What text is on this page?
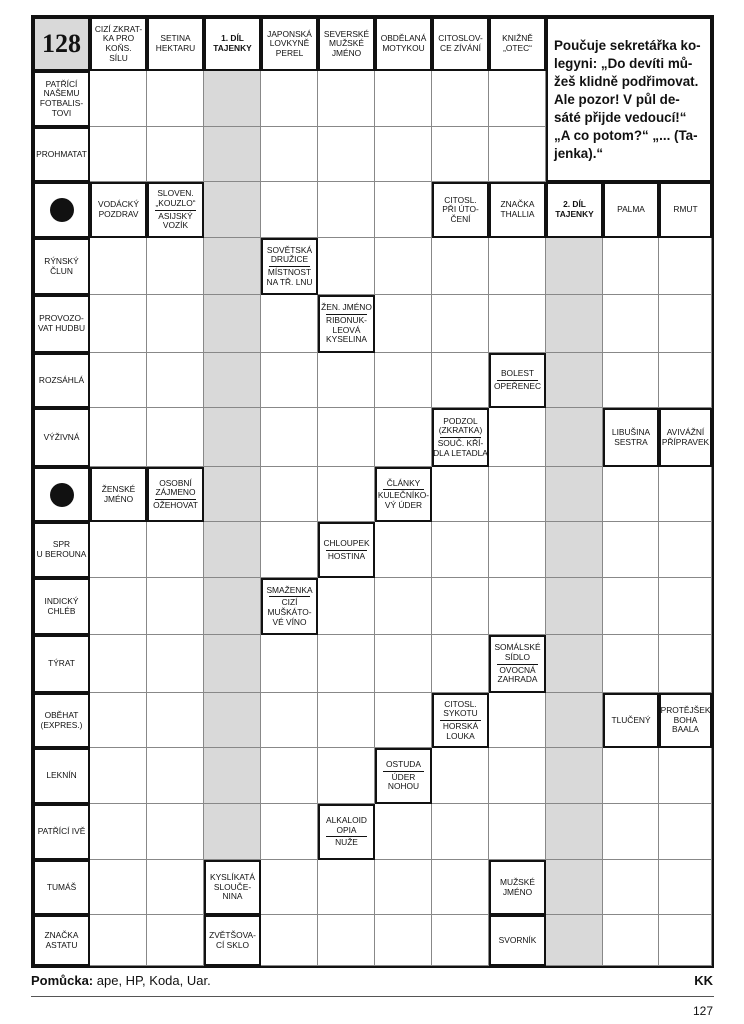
128
CIZÍ ZKRAT-
KA PRO
KOŇS.
SÍLU
SETINA
HEKTARU
1. DÍL
TAJENKY
JAPONSKÁ
LOVKYNĚ
PEREL
SEVERSKÉ
MUŽSKÉ
JMÉNO
OBDĚLANÁ
MOTYKOU
CITOSLOV-
CE ZÍVÁNÍ
KNIŽNĚ
„OTEC“
PATŘÍCÍ
NAŠEMU
FOTBALIS-
TOVI
PROHMATAT
VODÁCKÝ
POZDRAV
SLOVEN.
„KOUZLO“
ASIJSKÝ
VOZÍK
CITOSL.
PŘI ÚTO-
ČENÍ
ZNAČKA
THALLIA
2. DÍL
TAJENKY	PALMA	RMUT
RÝNSKÝ
ČLUN
SOVĚTSKÁ
DRUŽICE
MÍSTNOST
NA TŘ. LNU
PROVOZO-
VAT HUDBU
ŽEN. JMÉNO
RIBONUK-
LEOVÁ
KYSELINA
ROZSÁHLÁ
BOLEST
OPEŘENEC
VÝŽIVNÁ
PODZOL
(ZKRATKA)
SOUČ. KŘÍ-
DLA LETADLA
LIBUŠINA
SESTRA
AVIVÁŽNÍ
PŘÍPRAVEK
ŽENSKÉ
JMÉNO
OSOBNÍ
ZÁJMENO
OŽEHOVAT
ČLÁNKY
KULEČNÍKO-
VÝ ÚDER
SPR
U BEROUNA
CHLOUPEK
HOSTINA
INDICKÝ
CHLÉB
SMAŽENKA
CIZÍ
MUŠKÁTO-
VÉ VÍNO
TÝRAT
SOMÁLSKÉ
SÍDLO
OVOCNÁ
ZAHRADA
OBĚHAT
(EXPRES.)
CITOSL.
SYKOTU
HORSKÁ
LOUKA
TLUČENÝ
PROTĚJŠEK
BOHA
BAALA
LEKNÍN
OSTUDA
ÚDER
NOHOU
PATŘÍCÍ IVĚ
ALKALOID
OPIA
NUŽE
TUMÁŠ
KYSLÍKATÁ
SLOUČE-
NINA
MUŽSKÉ
JMÉNO
ZNAČKA
ASTATU
ZVĚTŠOVA-
CÍ SKLO	SVORNÍK
Poučuje sekretářka ko-
legyni: „Do devíti mů-
žeš klidně podřimovat.
Ale pozor! V půl de-
sáté přijde vedoucí!“
„A co potom?“ „... (Ta-
jenka).“
Pomůcka: ape, HP, Koda, Uar.	KK
127
